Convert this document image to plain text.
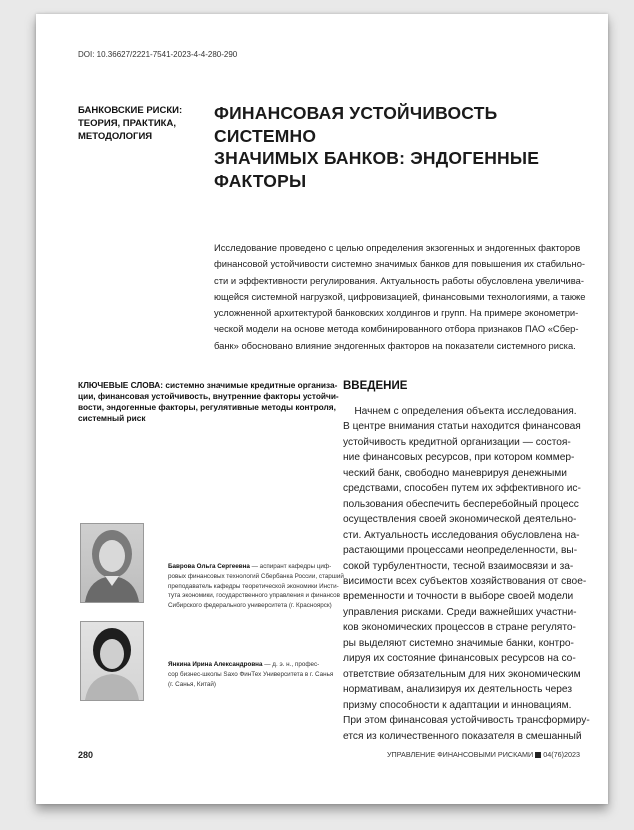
DOI: 10.36627/2221-7541-2023-4-4-280-290
БАНКОВСКИЕ РИСКИ:
ТЕОРИЯ, ПРАКТИКА,
МЕТОДОЛОГИЯ
ФИНАНСОВАЯ УСТОЙЧИВОСТЬ СИСТЕМНО
ЗНАЧИМЫХ БАНКОВ: ЭНДОГЕННЫЕ
ФАКТОРЫ
Исследование проведено с целью определения экзогенных и эндогенных факторов
финансовой устойчивости системно значимых банков для повышения их стабильно-
сти и эффективности регулирования. Актуальность работы обусловлена увеличива-
ющейся системной нагрузкой, цифровизацией, финансовыми технологиями, а также
усложненной архитектурой банковских холдингов и групп. На примере эконометри-
ческой модели на основе метода комбинированного отбора признаков ПАО «Сбер-
банк» обосновано влияние эндогенных факторов на показатели системного риска.
КЛЮЧЕВЫЕ СЛОВА: системно значимые кредитные организа-
ции, финансовая устойчивость, внутренние факторы устойчи-
вости, эндогенные факторы, регулятивные методы контроля,
системный риск
ВВЕДЕНИЕ
Начнем с определения объекта исследования.
В центре внимания статьи находится финансовая
устойчивость кредитной организации — состоя-
ние финансовых ресурсов, при котором коммер-
ческий банк, свободно маневрируя денежными
средствами, способен путем их эффективного ис-
пользования обеспечить бесперебойный процесс
осуществления своей экономической деятельно-
сти. Актуальность исследования обусловлена на-
растающими процессами неопределенности, вы-
сокой турбулентности, тесной взаимосвязи и за-
висимости всех субъектов хозяйствования от свое-
временности и точности в выборе своей модели
управления рисками. Среди важнейших участни-
ков экономических процессов в стране регулято-
ры выделяют системно значимые банки, контро-
лируя их состояние финансовых ресурсов на со-
ответствие обязательным для них экономическим
нормативам, анализируя их деятельность через
призму способности к адаптации и инновациям.
При этом финансовая устойчивость трансформиру-
ется из количественного показателя в смешанный
Баврова Ольга Сергеевна — аспирант кафедры циф-
ровых финансовых технологий Сбербанка России, старший
преподаватель кафедры теоретической экономики Инсти-
тута экономики, государственного управления и финансов
Сибирского федерального университета (г. Красноярск)
Янкина Ирина Александровна — д. э. н., профес-
сор бизнес-школы Saxo ФинТех Университета в г. Санья
(г. Санья, Китай)
280	УПРАВЛЕНИЕ ФИНАНСОВЫМИ РИСКАМИ 04(76)2023
